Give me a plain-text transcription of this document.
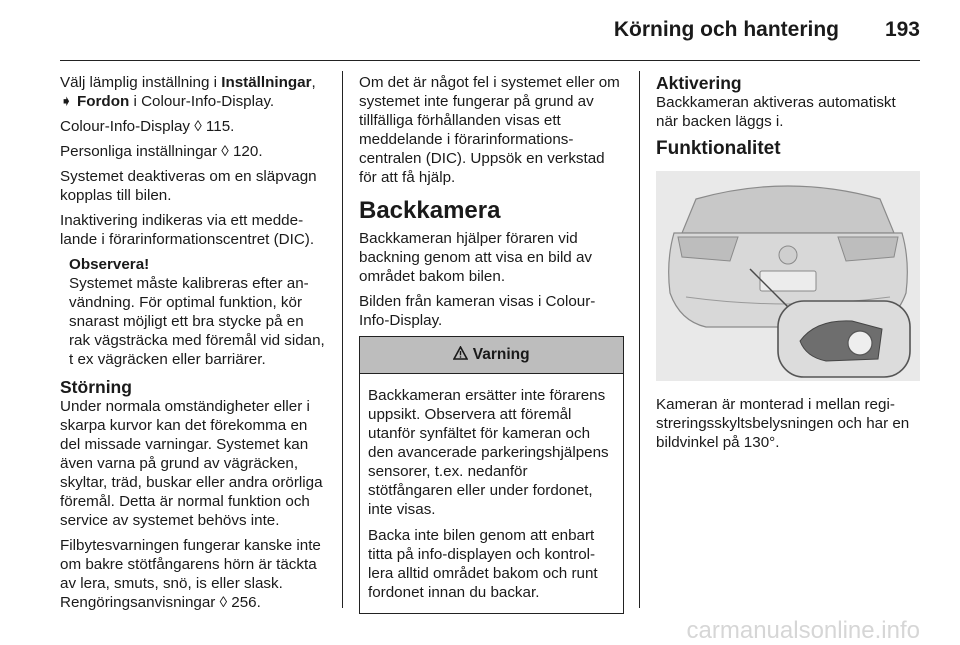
Körning och hantering 193

Välj lämplig inställning i Inställningar,
➧ Fordon i Colour-Info-Display.

Colour-Info-Display ◊ 115.

Personliga inställningar ◊ 120.

Systemet deaktiveras om en släpvagn kopplas till bilen.

Inaktivering indikeras via ett meddelande i förarinformationscentret (DIC).

Observera!

Systemet måste kalibreras efter användning. För optimal funktion, kör snarast möjligt ett bra stycke på en rak vägsträcka med föremål vid sidan, t ex vägräcken eller barriärer.

Störning

Under normala omständigheter eller i skarpa kurvor kan det förekomma en del missade varningar. Systemet kan även varna på grund av vägräcken, skyltar, träd, buskar eller andra orörliga föremål. Detta är normal funktion och service av systemet behövs inte.

Filbytesvarningen fungerar kanske inte om bakre stötfångarens hörn är täckta av lera, smuts, snö, is eller slask. Rengöringsanvisningar ◊ 256.

Om det är något fel i systemet eller om systemet inte fungerar på grund av tillfälliga förhållanden visas ett meddelande i förarinformationscentralen (DIC). Uppsök en verkstad för att få hjälp.

Backkamera

Backkameran hjälper föraren vid backning genom att visa en bild av området bakom bilen.

Bilden från kameran visas i Colour-Info-Display.

Varning

Backkameran ersätter inte förarens uppsikt. Observera att föremål utanför synfältet för kameran och den avancerade parkeringshjälpens sensorer, t.ex. nedanför stötfångaren eller under fordonet, inte visas.

Backa inte bilen genom att enbart titta på info-displayen och kontrollera alltid området bakom och runt fordonet innan du backar.

Aktivering

Backkameran aktiveras automatiskt när backen läggs i.

Funktionalitet

Kameran är monterad i mellan registreringsskyltsbelysningen och har en bildvinkel på 130°.

carmanualsonline.info
